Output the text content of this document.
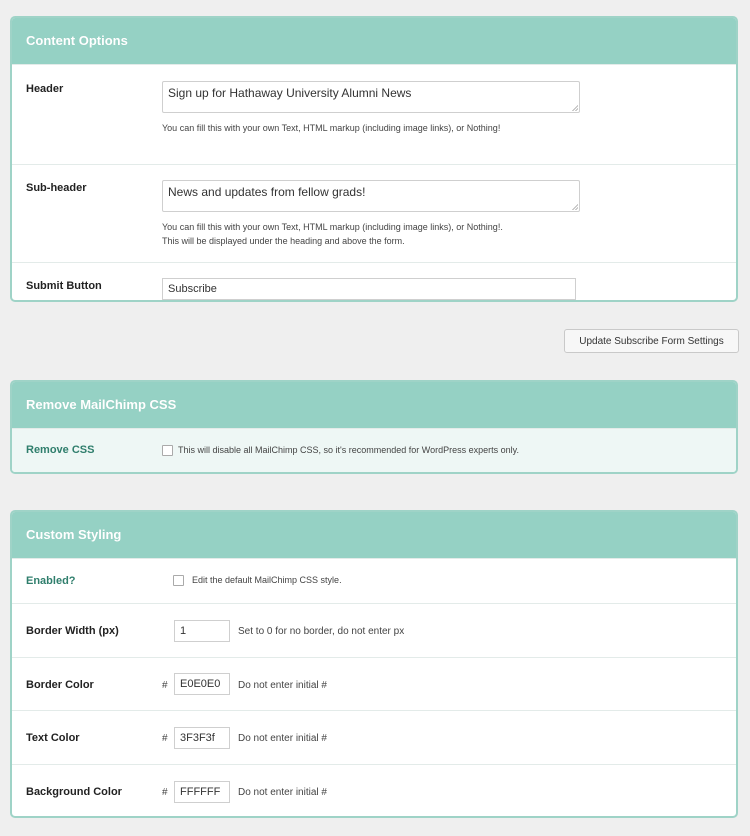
Content Options
Header	Sign up for Hathaway University Alumni News
You can fill this with your own Text, HTML markup (including image links), or Nothing!
Sub-header	News and updates from fellow grads!
You can fill this with your own Text, HTML markup (including image links), or Nothing!.
This will be displayed under the heading and above the form.
Submit Button	Subscribe
Update Subscribe Form Settings
Remove MailChimp CSS
Remove CSS	This will disable all MailChimp CSS, so it's recommended for WordPress experts only.
Custom Styling
Enabled?	Edit the default MailChimp CSS style.
Border Width (px)	1	Set to 0 for no border, do not enter px
Border Color	#	E0E0E0	Do not enter initial #
Text Color	#	3F3F3f	Do not enter initial #
Background Color	#	FFFFFF	Do not enter initial #
